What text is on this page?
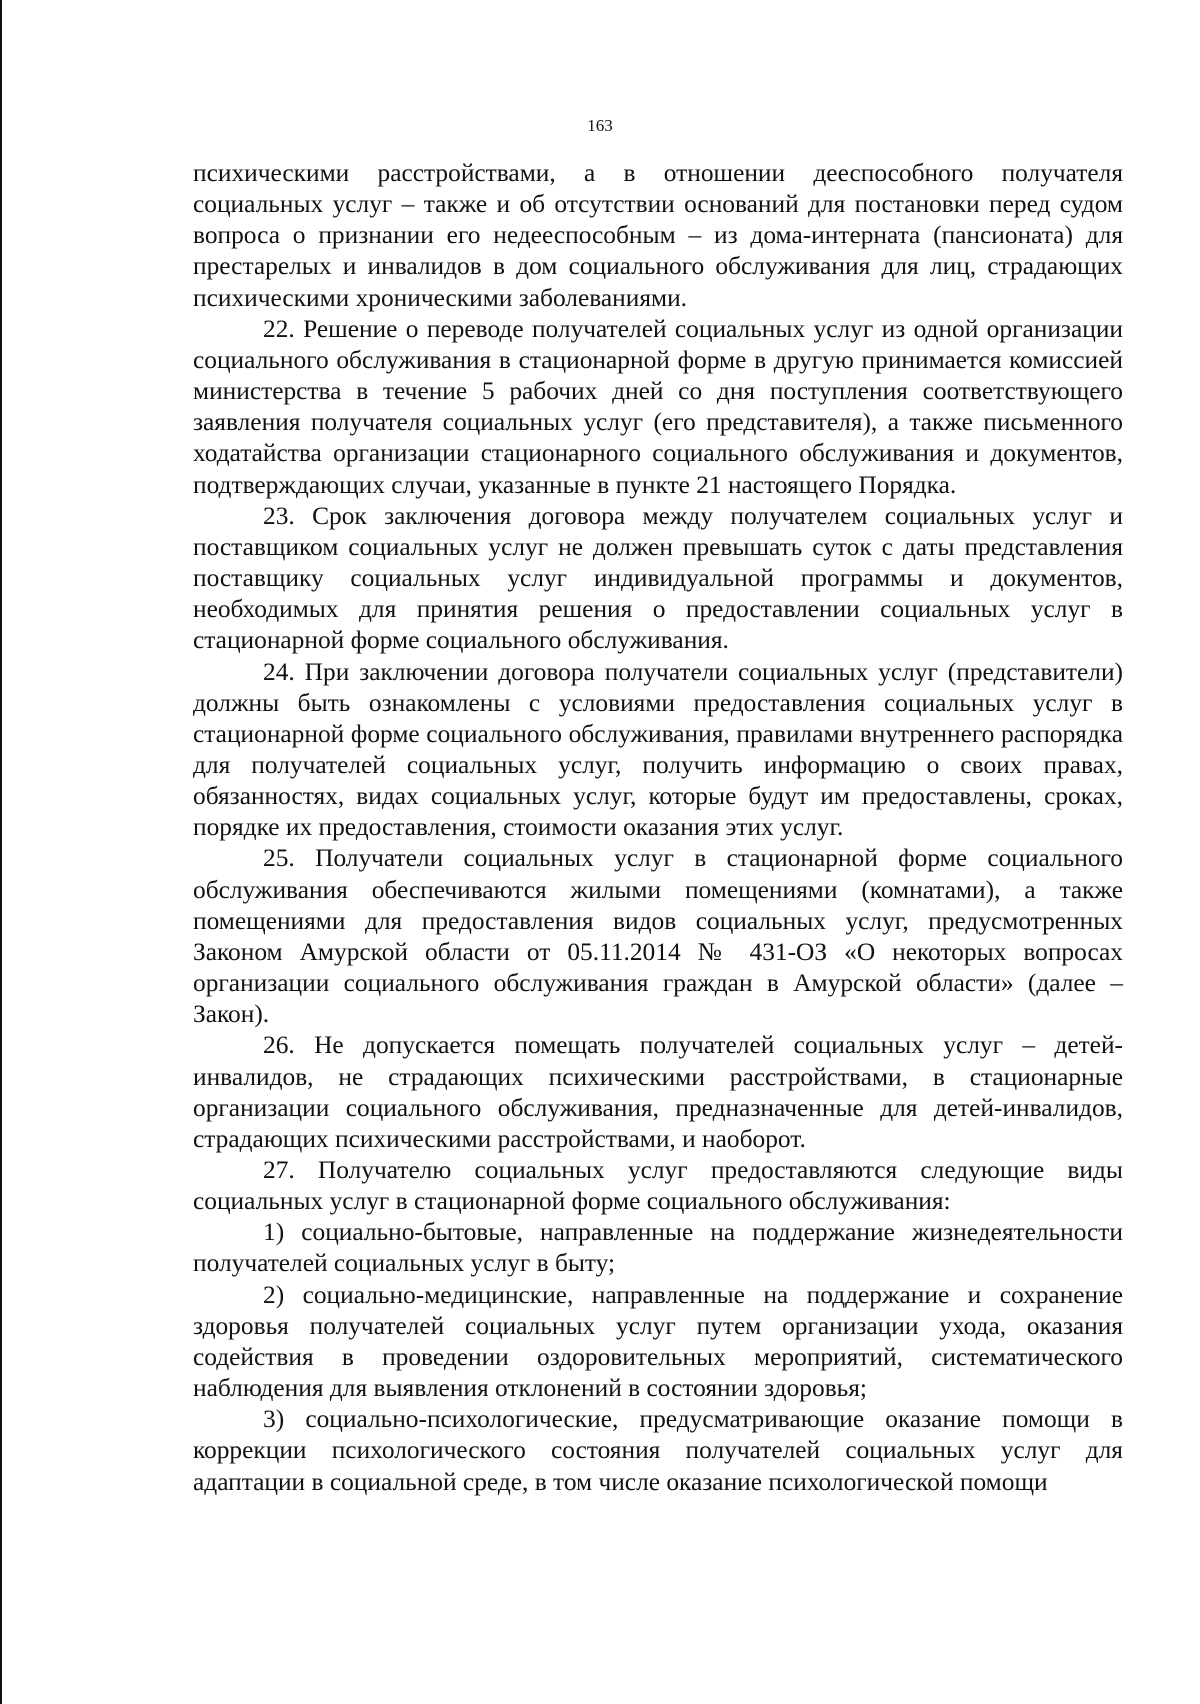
163

психическими расстройствами, а в отношении дееспособного получателя социальных услуг – также и об отсутствии оснований для постановки перед судом вопроса о признании его недееспособным – из дома-интерната (пансионата) для престарелых и инвалидов в дом социального обслуживания для лиц, страдающих психическими хроническими заболеваниями.

22. Решение о переводе получателей социальных услуг из одной организации социального обслуживания в стационарной форме в другую принимается комиссией министерства в течение 5 рабочих дней со дня поступления соответствующего заявления получателя социальных услуг (его представителя), а также письменного ходатайства организации стационарного социального обслуживания и документов, подтверждающих случаи, указанные в пункте 21 настоящего Порядка.

23. Срок заключения договора между получателем социальных услуг и поставщиком социальных услуг не должен превышать суток с даты представления поставщику социальных услуг индивидуальной программы и документов, необходимых для принятия решения о предоставлении социальных услуг в стационарной форме социального обслуживания.

24. При заключении договора получатели социальных услуг (представители) должны быть ознакомлены с условиями предоставления социальных услуг в стационарной форме социального обслуживания, правилами внутреннего распорядка для получателей социальных услуг, получить информацию о своих правах, обязанностях, видах социальных услуг, которые будут им предоставлены, сроках, порядке их предоставления, стоимости оказания этих услуг.

25. Получатели социальных услуг в стационарной форме социального обслуживания обеспечиваются жилыми помещениями (комнатами), а также помещениями для предоставления видов социальных услуг, предусмотренных Законом Амурской области от 05.11.2014 № 431-ОЗ «О некоторых вопросах организации социального обслуживания граждан в Амурской области» (далее – Закон).

26. Не допускается помещать получателей социальных услуг – детей-инвалидов, не страдающих психическими расстройствами, в стационарные организации социального обслуживания, предназначенные для детей-инвалидов, страдающих психическими расстройствами, и наоборот.

27. Получателю социальных услуг предоставляются следующие виды социальных услуг в стационарной форме социального обслуживания:

1) социально-бытовые, направленные на поддержание жизнедеятельности получателей социальных услуг в быту;

2) социально-медицинские, направленные на поддержание и сохранение здоровья получателей социальных услуг путем организации ухода, оказания содействия в проведении оздоровительных мероприятий, систематического наблюдения для выявления отклонений в состоянии здоровья;

3) социально-психологические, предусматривающие оказание помощи в коррекции психологического состояния получателей социальных услуг для адаптации в социальной среде, в том числе оказание психологической помощи
